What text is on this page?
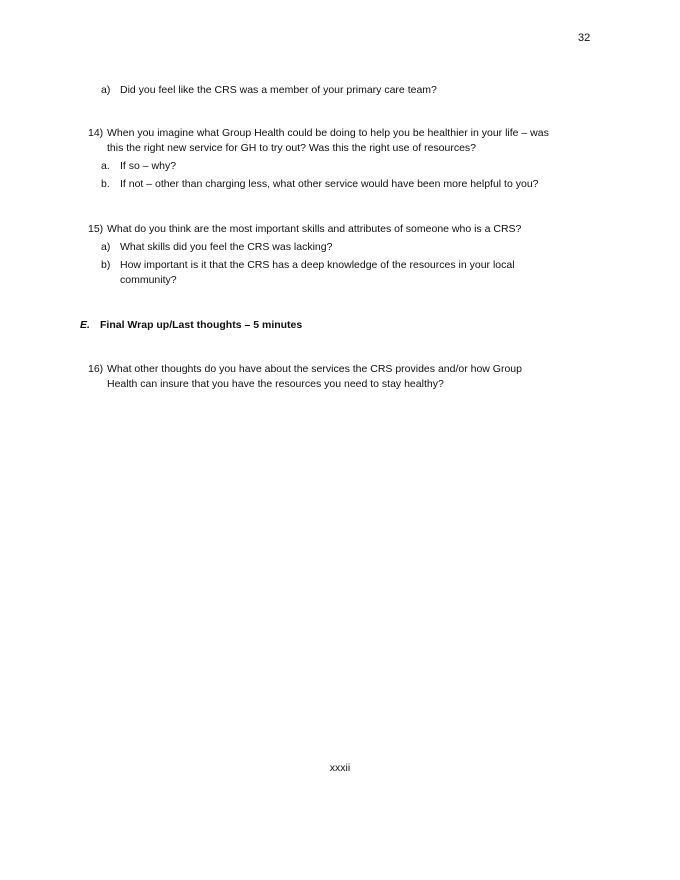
32
a) Did you feel like the CRS was a member of your primary care team?
14) When you imagine what Group Health could be doing to help you be healthier in your life – was
this the right new service for GH to try out? Was this the right use of resources?
a. If so – why?
b. If not – other than charging less, what other service would have been more helpful to you?
15) What do you think are the most important skills and attributes of someone who is a CRS?
a) What skills did you feel the CRS was lacking?
b) How important is it that the CRS has a deep knowledge of the resources in your local
community?
E. Final Wrap up/Last thoughts – 5 minutes
16) What other thoughts do you have about the services the CRS provides and/or how Group
Health can insure that you have the resources you need to stay healthy?
xxxii
